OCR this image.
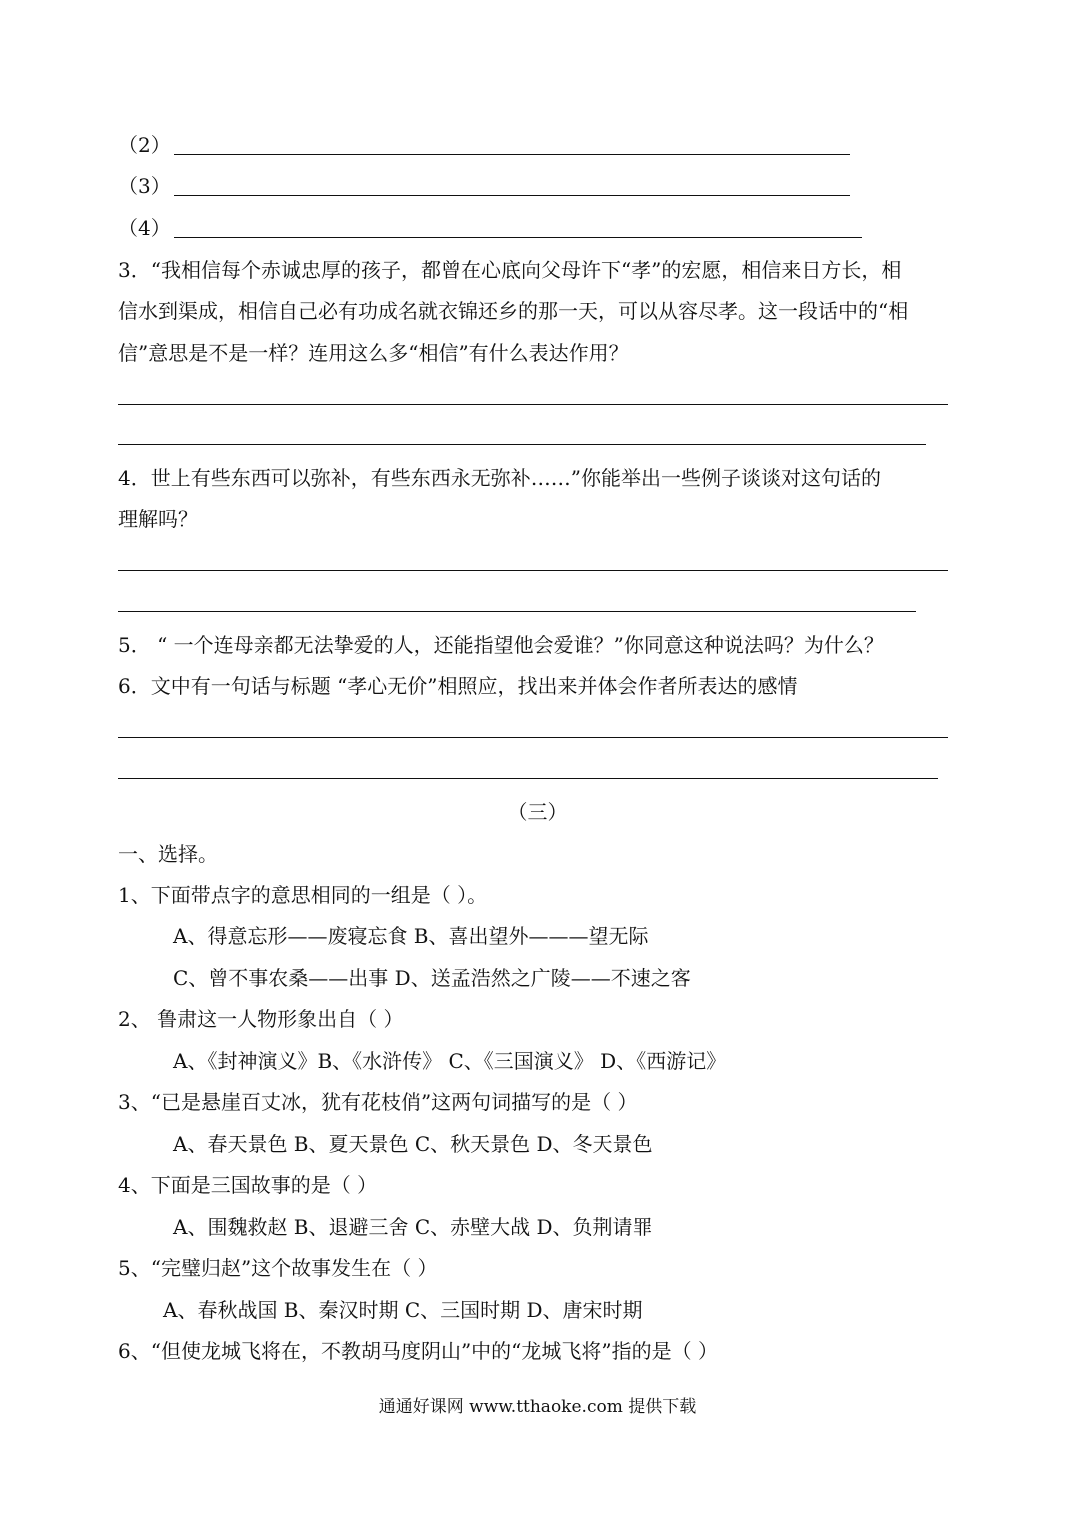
（2）
（3）
（4）
3．“我相信每个赤诚忠厚的孩子，都曾在心底向父母许下“孝”的宏愿，相信来日方长，相
信水到渠成，相信自己必有功成名就衣锦还乡的那一天，可以从容尽孝。这一段话中的“相
信”意思是不是一样？连用这么多“相信”有什么表达作用？
4．世上有些东西可以弥补，有些东西永无弥补……”你能举出一些例子谈谈对这句话的
理解吗？
5． “ 一个连母亲都无法挚爱的人，还能指望他会爱谁？”你同意这种说法吗？为什么？
6．文中有一句话与标题 “孝心无价”相照应，找出来并体会作者所表达的感情
（三）
一、选择。
1、下面带点字的意思相同的一组是（ ）。
A、得意忘形——废寝忘食 B、喜出望外———望无际
C、曾不事农桑——出事 D、送孟浩然之广陵——不速之客
2、 鲁肃这一人物形象出自（ ）
A、《封神演义》B、《水浒传》 C、《三国演义》 D、《西游记》
3、“已是悬崖百丈冰，犹有花枝俏”这两句词描写的是（ ）
A、春天景色 B、夏天景色 C、秋天景色 D、冬天景色
4、下面是三国故事的是（ ）
A、围魏救赵 B、退避三舍 C、赤壁大战 D、负荆请罪
5、“完璧归赵”这个故事发生在（ ）
A、春秋战国 B、秦汉时期 C、三国时期 D、唐宋时期
6、“但使龙城飞将在，不教胡马度阴山”中的“龙城飞将”指的是（ ）
通通好课网 www.tthaoke.com 提供下载
